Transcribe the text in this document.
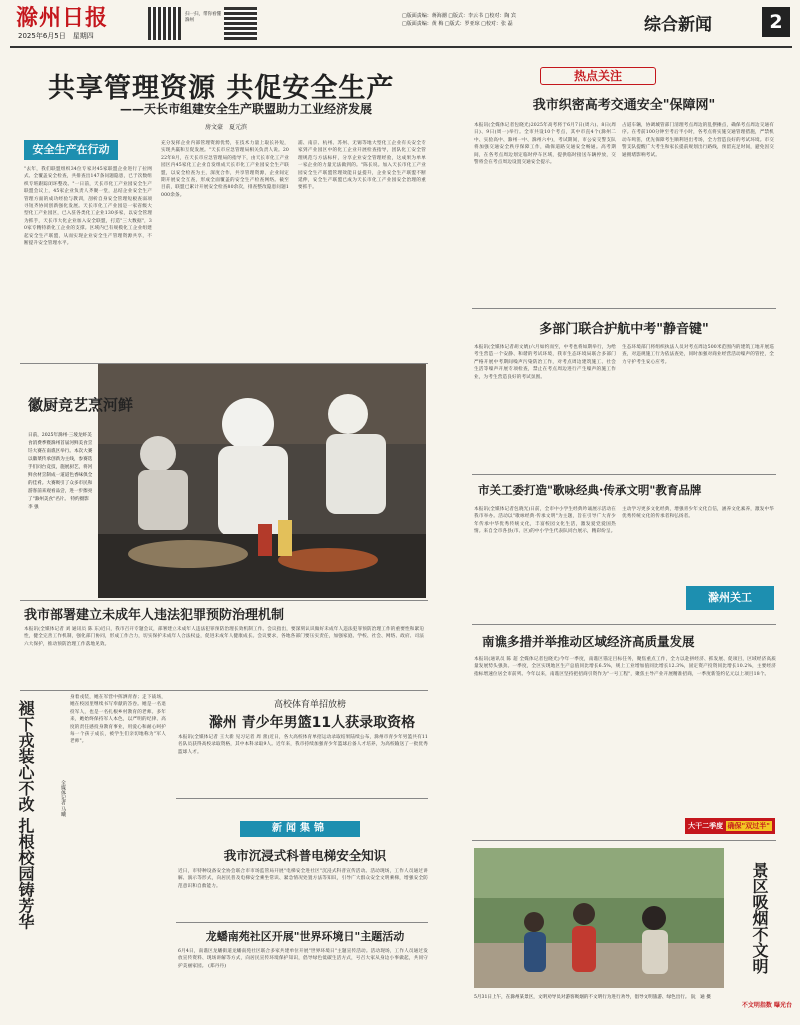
滁州日报
2025年6月5日　星期四
扫一扫，带你看懂滁州
□版面责编：蒋海潮 □版式：李云书 □校对：陶 宾
□版面责编：黄 梅 □版式：罗亚琼 □校对：张 磊	综合新闻	2
共享管理资源 共促安全生产
——天长市组建安全生产联盟助力工业经济发展
房文豪　夏元滨
安全生产在行动
"去年，我们联盟组织34位专家对45家联盟企业进行了拉网式、全覆盖安全检查，共排查出147条问题隐患，已于次数组织专班跟踪闭环整改。"一日前，天长市化工产业园安全生产联盟会议上，45家企业负责人齐聚一堂，总结企业安全生产管理方面的成功经验与教训，剖析自身安全管理短板查弱项寻短齐协同创新强化发展。天长市化工产业园是一家省级大型化工产业园区，已入驻各类化工企业130多家，以安全管理为抓手，天长市大化企业加入安全联盟，打造"三大数据"，30家专精特新化工企业的支撑。区域内已有规模化工企业组建起安全生产联盟，从而实现企业安全生产管理资源共享，不断提升安全管理水平。
充分发挥企业内部管理资源优势，在技术力量上取长补短，实现共赢和互促发展。"天长市应急管理局相关负责人说。2022年8月，在天长市应急管理局的指导下，由天长市化工产业园区内45家化工企业自发组成天长市化工产业园安全生产联盟，以安全检查为主，深度合作，共享管理资源，企业间定期开展安全互查，形成全面覆盖的安全生产检查网络。截至目前，联盟已累计开展安全检查80余次，排查整改隐患问题1000余条。
浦、南京、杭州、苏州、无锡等地大型化工企业有关安全专家到产业园区中的化工企业开展检查指导，团队化工安全管理规范与方法标杆，分享企业安全管理经验，这成果为单单一家企业的力量无法做到的。"陈长说。加入天长市化工产业园安全生产联盟管理效能日益提升，企业安全生产联盟不断延伸，安全生产联盟已成为天长市化工产业园安全治理的重要抓手。
热点关注
我市织密高考交通安全"保障网"
本报讯(全媒体记者包晓光)2025年高考将于6月7日(周六)、8日(周日)、9日(周一)举行。全市共设10个考点，其中市直4个(滁州二中、实验高中、滁州一中、滁州六中)，考试期间，市公安交警支队将加强交通安全秩序保障工作，确保道路交通安全畅通。高考期间，在各考点周边划定临时停车区域，提供临时接送车辆停放，交警将会在考点周边设置交通安全提示。
占道车辆，协调城管部门清理考点周边的乱摆摊点，确保考点周边交通有序。在考前100分钟至考后半小时，各考点将实施交通管理措施，严禁机动车鸣笛，优先保障考生顺利进出考场，全力营造良好的考试环境。市交警支队提醒广大考生和家长提前规划出行路线，预留充足时间，避免因交通拥堵影响考试。
徽厨竞艺烹河鲜
日前，2025年滁州·三坡龙虾美食消费季暨滁州首届河鲜美食烹饪大赛在南谯区举行。本次大赛以徽菜传承创新为主线，参赛选手们同台竞技，施展厨艺，将河鲜食材烹制成一道道色香味俱全的佳肴。大赛吸引了众多市民和游客前来观看品尝，进一步擦亮了"滁州美食"名片。 特约摄影 李 强
多部门联合护航中考"静音键"
本报讯(全媒体记者胡文婧)六月如约而至，中考也将如期举行，为给考生营造一个安静、和谐的考试环境，我市生态环境局联合多部门严格开展中考期间噪声污染防治工作，对考点周边建筑施工、社会生活等噪声开展专项检查，禁止在考点周边进行产生噪声的施工作业，为考生营造良好的考试氛围。
生态环境部门将组织执法人员对考点周边500米范围内的建筑工地开展巡查，对违规施工行为依法查处，同时加强对商业经营活动噪声的管控，全力守护考生安心应考。
市关工委打造"歌咏经典·传承文明"教育品牌
本报讯(全媒体记者包晓光)日前，全市中小学生经典吟诵展示活动在我市举办。活动以"歌咏经典·传承文明"为主题，旨在引导广大青少年传承中华优秀传统文化，丰富校园文化生活，激发爱党爱国热情。来自全市各县(市、区)的中小学生代表队同台展示，精彩纷呈。
主动学习更多文化经典，增强青少年文化自信，涵养文化素养，激发中华优秀传统文化的传承者和弘扬者。
滁州关工
我市部署建立未成年人违法犯罪预防治理机制
本报讯(全媒体记者 刘 通讯员 陈 东)近日，我市召开专题会议，部署建立未成年人违法犯罪预防治理长效机制工作。会议指出，要深刻认识做好未成年人违法犯罪预防治理工作的重要性和紧迫性，健全完善工作机制，强化部门协同，形成工作合力，切实保护未成年人合法权益，促进未成年人健康成长。会议要求，各地各部门要压实责任，加强家庭、学校、社会、网络、政府、司法六大保护，推动预防治理工作落地见效。
褪下戎装心不改 扎根校园铸芳华	全媒体记者 马曦
身着戎装，她在军营中挥洒青春；走下战场，她在校园里继续书写奉献的答卷。她是一名退役军人，也是一名扎根乡村教育的老师。多年来，她始终保持军人本色，以严明的纪律、高度的责任感投身教育事业，用爱心和耐心呵护每一个孩子成长，被学生们亲切地称为"军人老师"。
高校体育单招放榜
滁州 青少年男篮11人获录取资格
本报讯(全媒体记者 王大新 见习记者 周 蕾)近日，各大高校体育单招运动录取结果陆续公布，滁州市青少年男篮共有11名队员获得高校录取资格，其中本科录取9人。近年来，我市持续加强青少年篮球后备人才培养，为高校输送了一批优秀篮球人才。
新闻集锦
我市沉浸式科普电梯安全知识
近日，市特种设备安全协会联合市市场监管局开展"电梯安全进社区"沉浸式科普宣传活动。活动现场，工作人员通过讲解、演示等形式，向居民普及电梯安全乘坐常识、紧急情况处置方法等知识，引导广大群众安全文明乘梯，增强安全防范意识和自救能力。
龙蟠南苑社区开展"世界环境日"主题活动
6月4日，南谯区龙蟠街道龙蟠南苑社区联合多家共建单位开展"世界环境日"主题宣传活动。活动现场，工作人员通过发放宣传资料、现场讲解等方式，向居民宣传环境保护知识，倡导绿色低碳生活方式，号召大家从身边小事做起，共同守护美丽家园。 (郑丹丹)
南谯多措并举推动区域经济高质量发展
本报讯(通讯员 陈 超 全媒体记者包晓光)今年一季度，南谯区锚定目标任务，聚焦重点工作，全力以赴拼经济、抓发展、促项目，区域经济高质量发展势头强劲。一季度，全区实现地区生产总值同比增长6.5%，规上工业增加值同比增长12.3%，固定资产投资同比增长10.2%，主要经济指标增速位居全市前列。今年以来，南谯区坚持把招商引资作为"一号工程"，聚焦主导产业开展精准招商，一季度新签约亿元以上项目18个。
大干二季度 确保"双过半"
景区吸烟不文明
5月31日上午，在滁州某景区，文明劝导员对游客吸烟的不文明行为进行劝导，倡导文明旅游、绿色出行。 阮　通 摄
不文明指数 曝光台
